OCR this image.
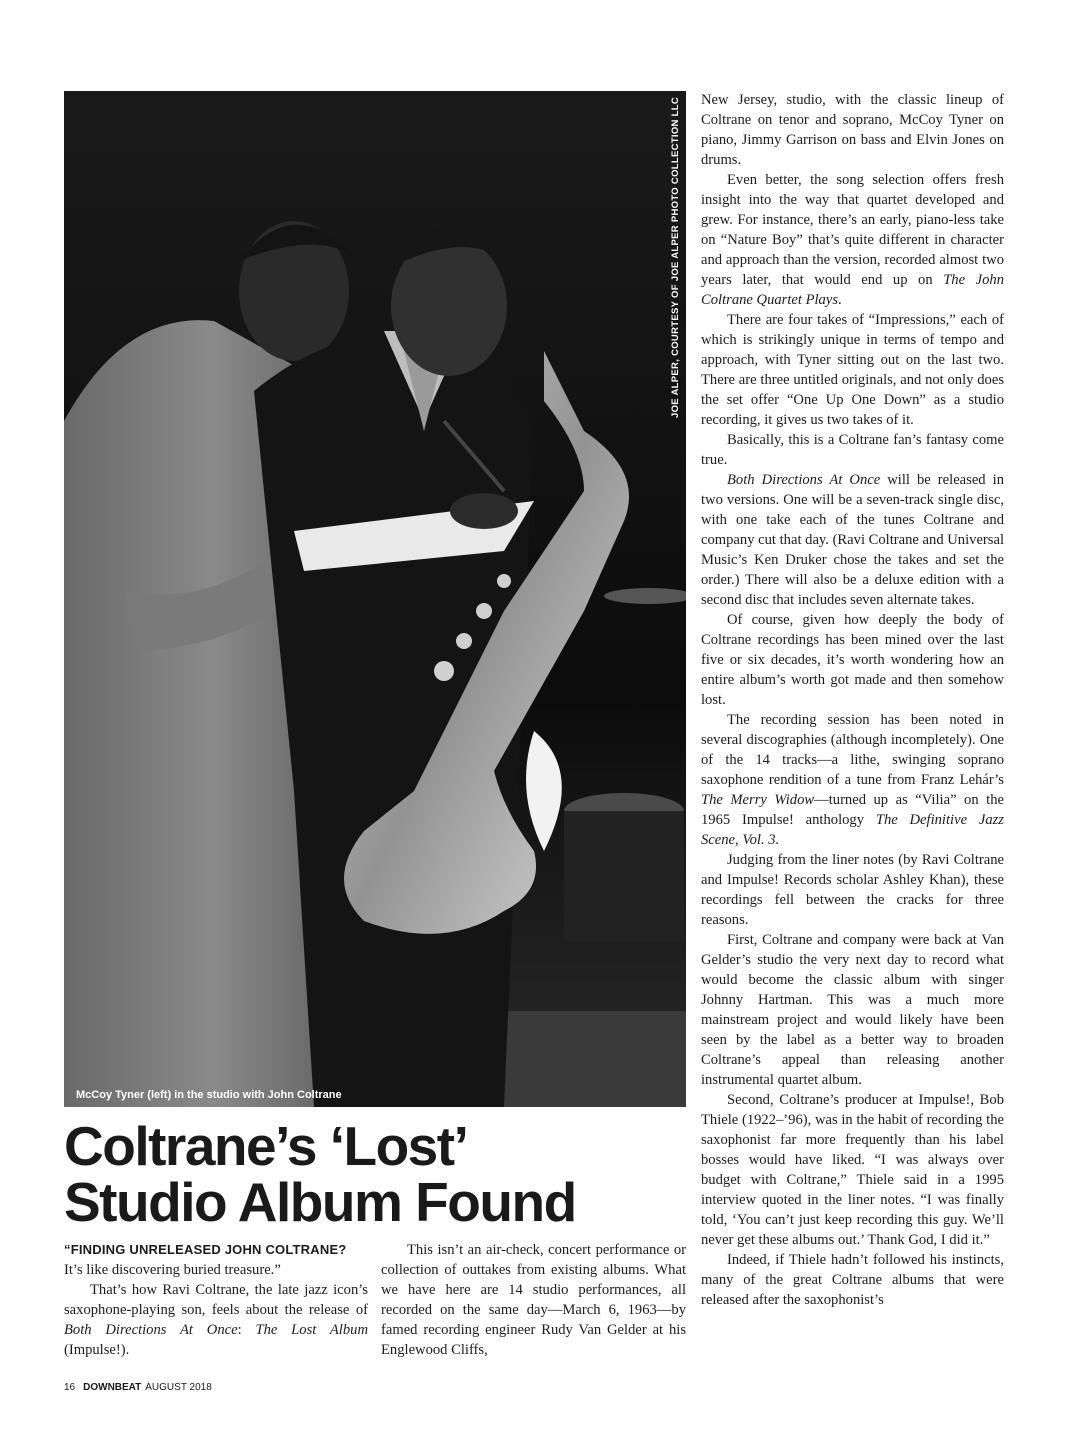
JOE ALPER, COURTESY OF JOE ALPER PHOTO COLLECTION LLC
McCoy Tyner (left) in the studio with John Coltrane
Coltrane’s ‘Lost’
Studio Album Found

“FINDING UNRELEASED JOHN COLTRANE?
It’s like discovering buried treasure.”

That’s how Ravi Coltrane, the late jazz icon’s saxophone-playing son, feels about the release of Both Directions At Once: The Lost Album (Impulse!).

This isn’t an air-check, concert performance or collection of outtakes from existing albums. What we have here are 14 studio performances, all recorded on the same day—March 6, 1963—by famed recording engineer Rudy Van Gelder at his Englewood Cliffs,

New Jersey, studio, with the classic lineup of Coltrane on tenor and soprano, McCoy Tyner on piano, Jimmy Garrison on bass and Elvin Jones on drums.

Even better, the song selection offers fresh insight into the way that quartet developed and grew. For instance, there’s an early, piano-less take on “Nature Boy” that’s quite different in character and approach than the version, recorded almost two years later, that would end up on The John Coltrane Quartet Plays.

There are four takes of “Impressions,” each of which is strikingly unique in terms of tempo and approach, with Tyner sitting out on the last two. There are three untitled originals, and not only does the set offer “One Up One Down” as a studio recording, it gives us two takes of it.

Basically, this is a Coltrane fan’s fantasy come true.

Both Directions At Once will be released in two versions. One will be a seven-track single disc, with one take each of the tunes Coltrane and company cut that day. (Ravi Coltrane and Universal Music’s Ken Druker chose the takes and set the order.) There will also be a deluxe edition with a second disc that includes seven alternate takes.

Of course, given how deeply the body of Coltrane recordings has been mined over the last five or six decades, it’s worth wondering how an entire album’s worth got made and then somehow lost.

The recording session has been noted in several discographies (although incompletely). One of the 14 tracks—a lithe, swinging soprano saxophone rendition of a tune from Franz Lehár’s The Merry Widow—turned up as “Vilia” on the 1965 Impulse! anthology The Definitive Jazz Scene, Vol. 3.

Judging from the liner notes (by Ravi Coltrane and Impulse! Records scholar Ashley Khan), these recordings fell between the cracks for three reasons.

First, Coltrane and company were back at Van Gelder’s studio the very next day to record what would become the classic album with singer Johnny Hartman. This was a much more mainstream project and would likely have been seen by the label as a better way to broaden Coltrane’s appeal than releasing another instrumental quartet album.

Second, Coltrane’s producer at Impulse!, Bob Thiele (1922–’96), was in the habit of recording the saxophonist far more frequently than his label bosses would have liked. “I was always over budget with Coltrane,” Thiele said in a 1995 interview quoted in the liner notes. “I was finally told, ‘You can’t just keep recording this guy. We’ll never get these albums out.’ Thank God, I did it.”

Indeed, if Thiele hadn’t followed his instincts, many of the great Coltrane albums that were released after the saxophonist’s

16 DOWNBEAT AUGUST 2018
